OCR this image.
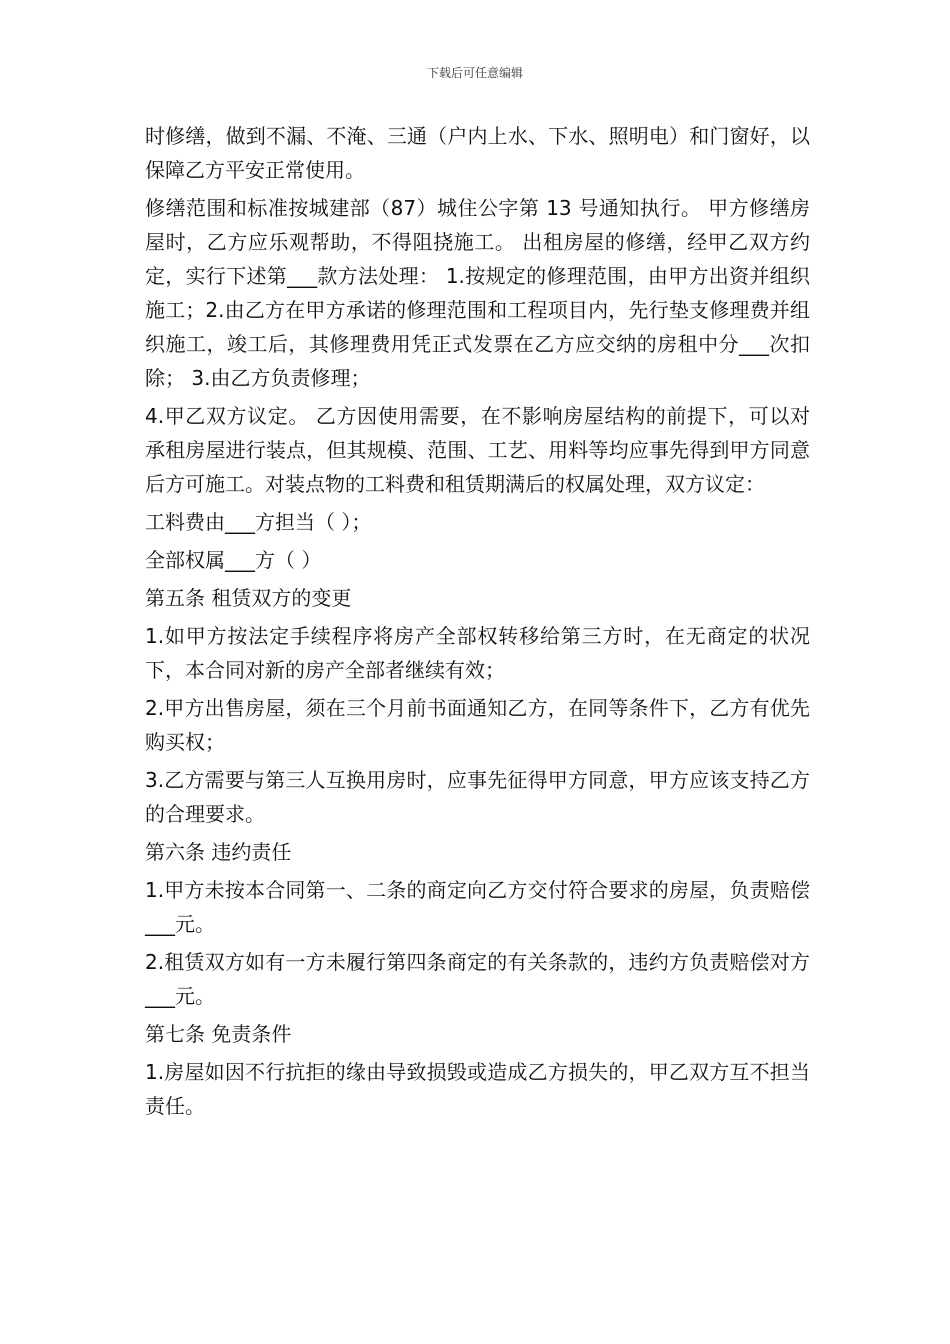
下载后可任意编辑

时修缮，做到不漏、不淹、三通（户内上水、下水、照明电）和门窗好，以保障乙方平安正常使用。

修缮范围和标准按城建部（87）城住公字第 13 号通知执行。 甲方修缮房屋时，乙方应乐观帮助，不得阻挠施工。 出租房屋的修缮，经甲乙双方约定，实行下述第___款方法处理： 1.按规定的修理范围，由甲方出资并组织施工；2.由乙方在甲方承诺的修理范围和工程项目内，先行垫支修理费并组织施工，竣工后，其修理费用凭正式发票在乙方应交纳的房租中分___次扣除； 3.由乙方负责修理；

4.甲乙双方议定。 乙方因使用需要，在不影响房屋结构的前提下，可以对承租房屋进行装点，但其规模、范围、工艺、用料等均应事先得到甲方同意后方可施工。对装点物的工料费和租赁期满后的权属处理，双方议定：

工料费由___方担当（ ）；

全部权属___方（ ）

第五条 租赁双方的变更

1.如甲方按法定手续程序将房产全部权转移给第三方时，在无商定的状况下，本合同对新的房产全部者继续有效；

2.甲方出售房屋，须在三个月前书面通知乙方，在同等条件下，乙方有优先购买权；

3.乙方需要与第三人互换用房时，应事先征得甲方同意，甲方应该支持乙方的合理要求。

第六条 违约责任

1.甲方未按本合同第一、二条的商定向乙方交付符合要求的房屋，负责赔偿___元。

2.租赁双方如有一方未履行第四条商定的有关条款的，违约方负责赔偿对方___元。

第七条 免责条件

1.房屋如因不行抗拒的缘由导致损毁或造成乙方损失的，甲乙双方互不担当责任。
